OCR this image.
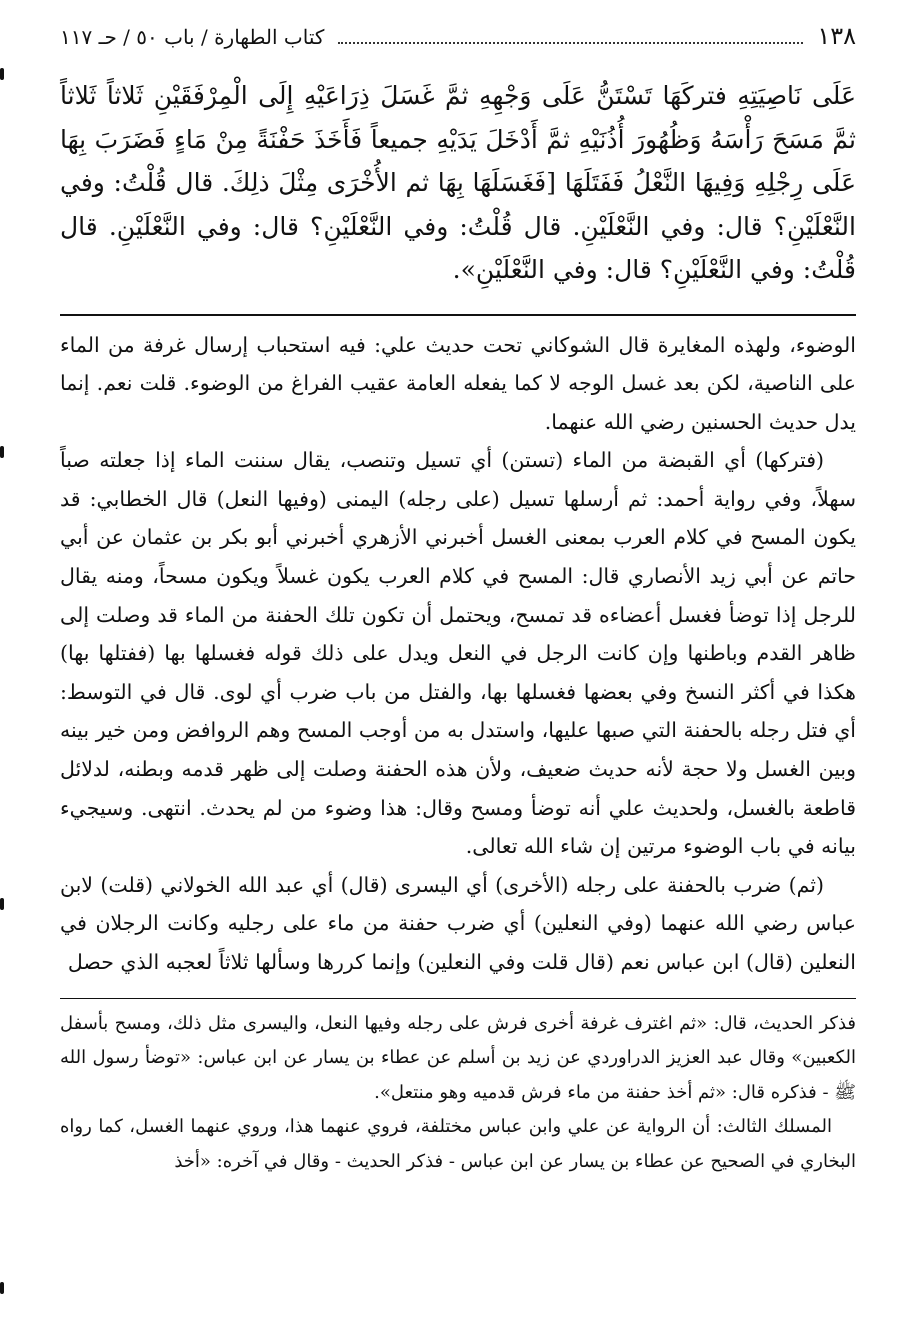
١٣٨
كتاب الطهارة / باب ٥٠ / حـ ١١٧

عَلَى نَاصِيَتِهِ فتركَهَا تَسْتَنُّ عَلَى وَجْهِهِ ثمَّ غَسَلَ ذِرَاعَيْهِ إِلَى الْمِرْفَقَيْنِ ثَلاثاً ثَلاثاً ثمَّ مَسَحَ رَأْسَهُ وَظُهُورَ أُذُنَيْهِ ثمَّ أَدْخَلَ يَدَيْهِ جميعاً فَأَخَذَ حَفْنَةً مِنْ مَاءٍ فَضَرَبَ بِهَا عَلَى رِجْلِهِ وَفِيهَا النَّعْلُ فَفَتَلَهَا [فَغَسَلَهَا بِهَا ثم الأُخْرَى مِثْلَ ذلِكَ. قال قُلْتُ: وفي النَّعْلَيْنِ؟ قال: وفي النَّعْلَيْنِ. قال قُلْتُ: وفي النَّعْلَيْنِ؟ قال: وفي النَّعْلَيْنِ. قال قُلْتُ: وفي النَّعْلَيْنِ؟ قال: وفي النَّعْلَيْنِ».

الوضوء، ولهذه المغايرة قال الشوكاني تحت حديث علي: فيه استحباب إرسال غرفة من الماء على الناصية، لكن بعد غسل الوجه لا كما يفعله العامة عقيب الفراغ من الوضوء. قلت نعم. إنما يدل حديث الحسنين رضي الله عنهما.

(فتركها) أي القبضة من الماء (تستن) أي تسيل وتنصب، يقال سننت الماء إذا جعلته صباً سهلاً، وفي رواية أحمد: ثم أرسلها تسيل (على رجله) اليمنى (وفيها النعل) قال الخطابي: قد يكون المسح في كلام العرب بمعنى الغسل أخبرني الأزهري أخبرني أبو بكر بن عثمان عن أبي حاتم عن أبي زيد الأنصاري قال: المسح في كلام العرب يكون غسلاً ويكون مسحاً، ومنه يقال للرجل إذا توضأ فغسل أعضاءه قد تمسح، ويحتمل أن تكون تلك الحفنة من الماء قد وصلت إلى ظاهر القدم وباطنها وإن كانت الرجل في النعل ويدل على ذلك قوله فغسلها بها (ففتلها بها) هكذا في أكثر النسخ وفي بعضها فغسلها بها، والفتل من باب ضرب أي لوى. قال في التوسط: أي فتل رجله بالحفنة التي صبها عليها، واستدل به من أوجب المسح وهم الروافض ومن خير بينه وبين الغسل ولا حجة لأنه حديث ضعيف، ولأن هذه الحفنة وصلت إلى ظهر قدمه وبطنه، لدلائل قاطعة بالغسل، ولحديث علي أنه توضأ ومسح وقال: هذا وضوء من لم يحدث. انتهى. وسيجيء بيانه في باب الوضوء مرتين إن شاء الله تعالى.

(ثم) ضرب بالحفنة على رجله (الأخرى) أي اليسرى (قال) أي عبد الله الخولاني (قلت) لابن عباس رضي الله عنهما (وفي النعلين) أي ضرب حفنة من ماء على رجليه وكانت الرجلان في النعلين (قال) ابن عباس نعم (قال قلت وفي النعلين) وإنما كررها وسألها ثلاثاً لعجبه الذي حصل

فذكر الحديث، قال: «ثم اغترف غرفة أخرى فرش على رجله وفيها النعل، واليسرى مثل ذلك، ومسح بأسفل الكعبين» وقال عبد العزيز الدراوردي عن زيد بن أسلم عن عطاء بن يسار عن ابن عباس: «توضأ رسول الله ﷺ - فذكره قال: «ثم أخذ حفنة من ماء فرش قدميه وهو منتعل».

المسلك الثالث: أن الرواية عن علي وابن عباس مختلفة، فروي عنهما هذا، وروي عنهما الغسل، كما رواه البخاري في الصحيح عن عطاء بن يسار عن ابن عباس - فذكر الحديث - وقال في آخره: «أخذ
